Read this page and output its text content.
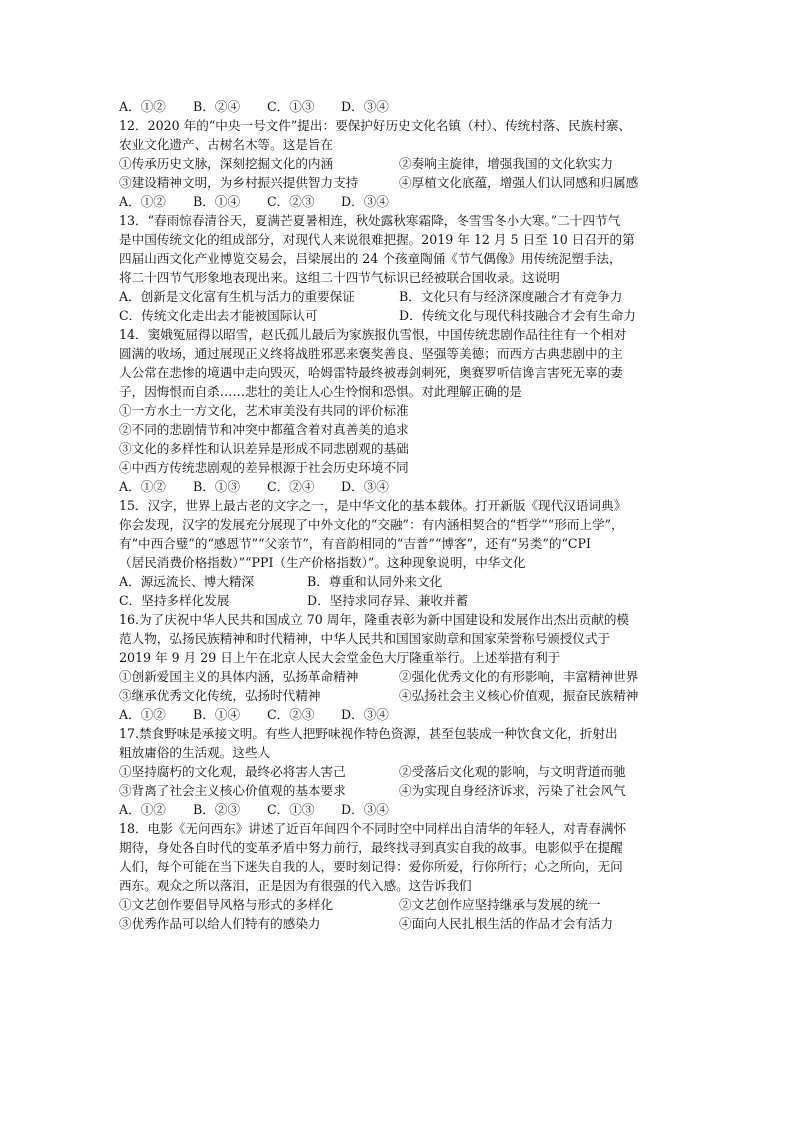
A．①②	B．②④	C．①③	D．③④
12．2020 年的“中央一号文件”提出：要保护好历史文化名镇（村）、传统村落、民族村寨、
农业文化遗产、古树名木等。这是旨在
①传承历史文脉，深刻挖掘文化的内涵	②奏响主旋律，增强我国的文化软实力
③建设精神文明，为乡村振兴提供智力支持	④厚植文化底蕴，增强人们认同感和归属感
A．①②	B．①④	C．②③	D．③④
13．“春雨惊春清谷天，夏满芒夏暑相连，秋处露秋寒霜降，冬雪雪冬小大寒。”二十四节气
是中国传统文化的组成部分，对现代人来说很难把握。2019 年 12 月 5 日至 10 日召开的第
四届山西文化产业博览交易会，吕梁展出的 24 个孩童陶俑《节气偶像》用传统泥塑手法，
将二十四节气形象地表现出来。这组二十四节气标识已经被联合国收录。这说明
A．创新是文化富有生机与活力的重要保证	B．文化只有与经济深度融合才有竞争力
C．传统文化走出去才能被国际认可	D．传统文化与现代科技融合才会有生命力
14．窦娥冤屈得以昭雪，赵氏孤儿最后为家族报仇雪恨，中国传统悲剧作品往往有一个相对
圆满的收场，通过展现正义终将战胜邪恶来褒奖善良、坚强等美德；而西方古典悲剧中的主
人公常在悲惨的境遇中走向毁灭，哈姆雷特最终被毒剑刺死，奥赛罗听信谗言害死无辜的妻
子，因悔恨而自杀……悲壮的美让人心生怜悯和恐惧。对此理解正确的是
①一方水土一方文化，艺术审美没有共同的评价标准
②不同的悲剧情节和冲突中都蕴含着对真善美的追求
③文化的多样性和认识差异是形成不同悲剧观的基础
④中西方传统悲剧观的差异根源于社会历史环境不同
A．①②	B．①③	C．②④	D．③④
15．汉字，世界上最古老的文字之一，是中华文化的基本载体。打开新版《现代汉语词典》
你会发现，汉字的发展充分展现了中外文化的“交融”：有内涵相契合的“哲学”“形而上学”，
有“中西合璧”的“感恩节”“父亲节”，有音韵相同的“吉普”“博客”，还有“另类”的“CPI
（居民消费价格指数）”“PPI（生产价格指数）”。这种现象说明，中华文化
A．源远流长、博大精深	B．尊重和认同外来文化
C．坚持多样化发展	D．坚持求同存异、兼收并蓄
16.为了庆祝中华人民共和国成立 70 周年，隆重表彰为新中国建设和发展作出杰出贡献的模
范人物，弘扬民族精神和时代精神，中华人民共和国国家勋章和国家荣誉称号颁授仪式于
2019 年 9 月 29 日上午在北京人民大会堂金色大厅隆重举行。上述举措有利于
①创新爱国主义的具体内涵，弘扬革命精神	②强化优秀文化的有形影响，丰富精神世界
③继承优秀文化传统，弘扬时代精神	④弘扬社会主义核心价值观，振奋民族精神
A．①②	B．①④	C．②③	D．③④
17.禁食野味是承接文明。有些人把野味视作特色资源，甚至包装成一种饮食文化，折射出
粗放庸俗的生活观。这些人
①坚持腐朽的文化观，最终必将害人害己	②受落后文化观的影响，与文明背道而驰
③背离了社会主义核心价值观的基本要求	④为实现自身经济诉求，污染了社会风气
A．①②	B．②③	C．①③	D．③④
18．电影《无问西东》讲述了近百年间四个不同时空中同样出自清华的年轻人，对青春满怀
期待，身处各自时代的变革矛盾中努力前行，最终找寻到真实自我的故事。电影似乎在提醒
人们，每个可能在当下迷失自我的人，要时刻记得：爱你所爱，行你所行；心之所向，无问
西东。观众之所以落泪，正是因为有很强的代入感。这告诉我们
①文艺创作要倡导风格与形式的多样化	②文艺创作应坚持继承与发展的统一
③优秀作品可以给人们特有的感染力	④面向人民扎根生活的作品才会有活力
